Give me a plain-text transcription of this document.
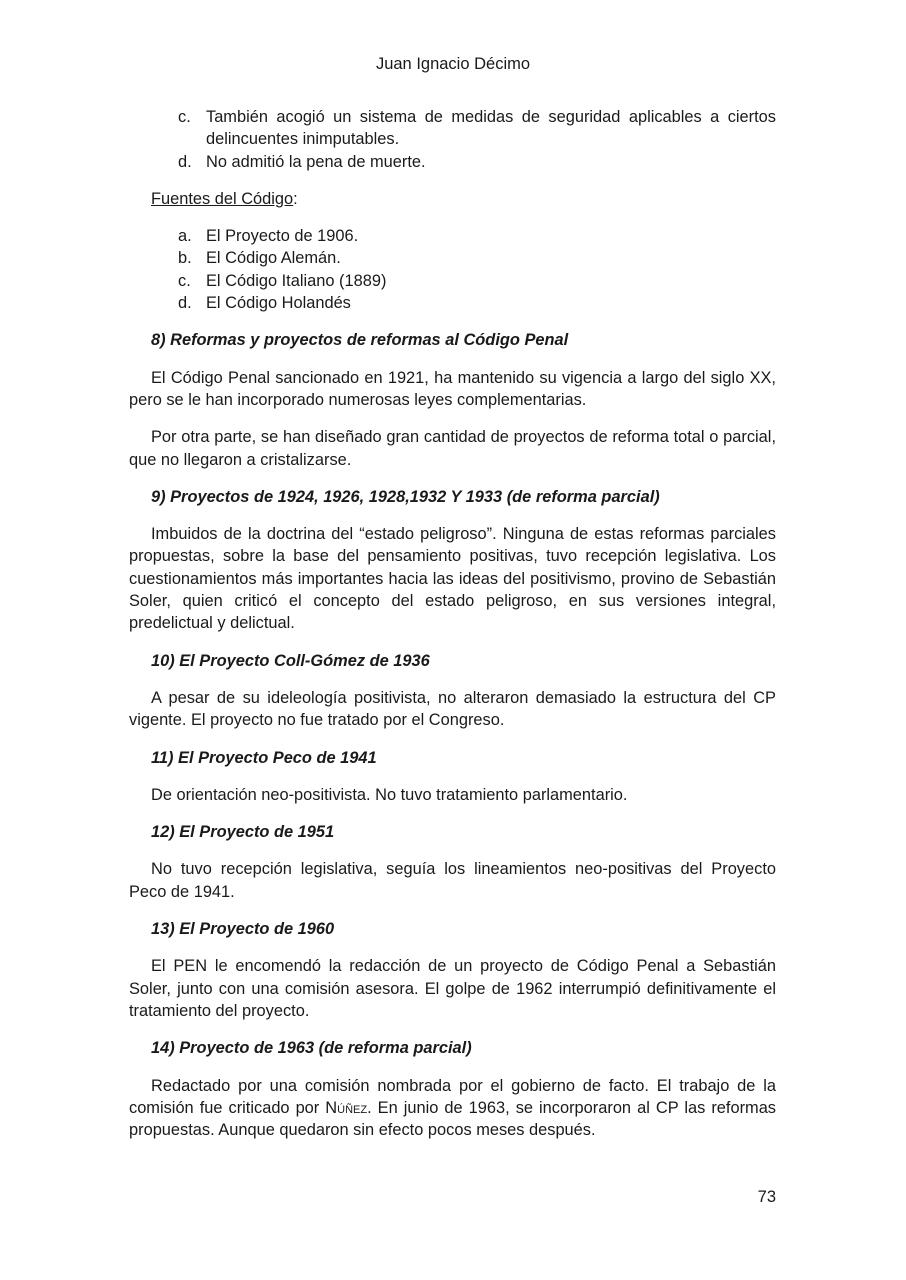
Juan Ignacio Décimo
c. También acogió un sistema de medidas de seguridad aplicables a ciertos delincuentes inimputables.
d. No admitió la pena de muerte.
Fuentes del Código:
a. El Proyecto de 1906.
b. El Código Alemán.
c. El Código Italiano (1889)
d. El Código Holandés
8) Reformas y proyectos de reformas al Código Penal

El Código Penal sancionado en 1921, ha mantenido su vigencia a largo del siglo XX, pero se le han incorporado numerosas leyes complementarias.

Por otra parte, se han diseñado gran cantidad de proyectos de reforma total o parcial, que no llegaron a cristalizarse.

9) Proyectos de 1924, 1926, 1928,1932 Y 1933 (de reforma parcial)

Imbuidos de la doctrina del “estado peligroso”. Ninguna de estas reformas parciales propuestas, sobre la base del pensamiento positivas, tuvo recepción legislativa. Los cuestionamientos más importantes hacia las ideas del positivismo, provino de Sebastián Soler, quien criticó el concepto del estado peligroso, en sus versiones integral, predelictual y delictual.

10) El Proyecto Coll-Gómez de 1936

A pesar de su ideleología positivista, no alteraron demasiado la estructura del CP vigente. El proyecto no fue tratado por el Congreso.

11) El Proyecto Peco de 1941

De orientación neo-positivista. No tuvo tratamiento parlamentario.

12) El Proyecto de 1951

No tuvo recepción legislativa, seguía los lineamientos neo-positivas del Proyecto Peco de 1941.

13) El Proyecto de 1960

El PEN le encomendó la redacción de un proyecto de Código Penal a Sebastián Soler, junto con una comisión asesora. El golpe de 1962 interrumpió definitivamente el tratamiento del proyecto.

14) Proyecto de 1963 (de reforma parcial)

Redactado por una comisión nombrada por el gobierno de facto. El trabajo de la comisión fue criticado por Núñez. En junio de 1963, se incorporaron al CP las reformas propuestas. Aunque quedaron sin efecto pocos meses después.

73
